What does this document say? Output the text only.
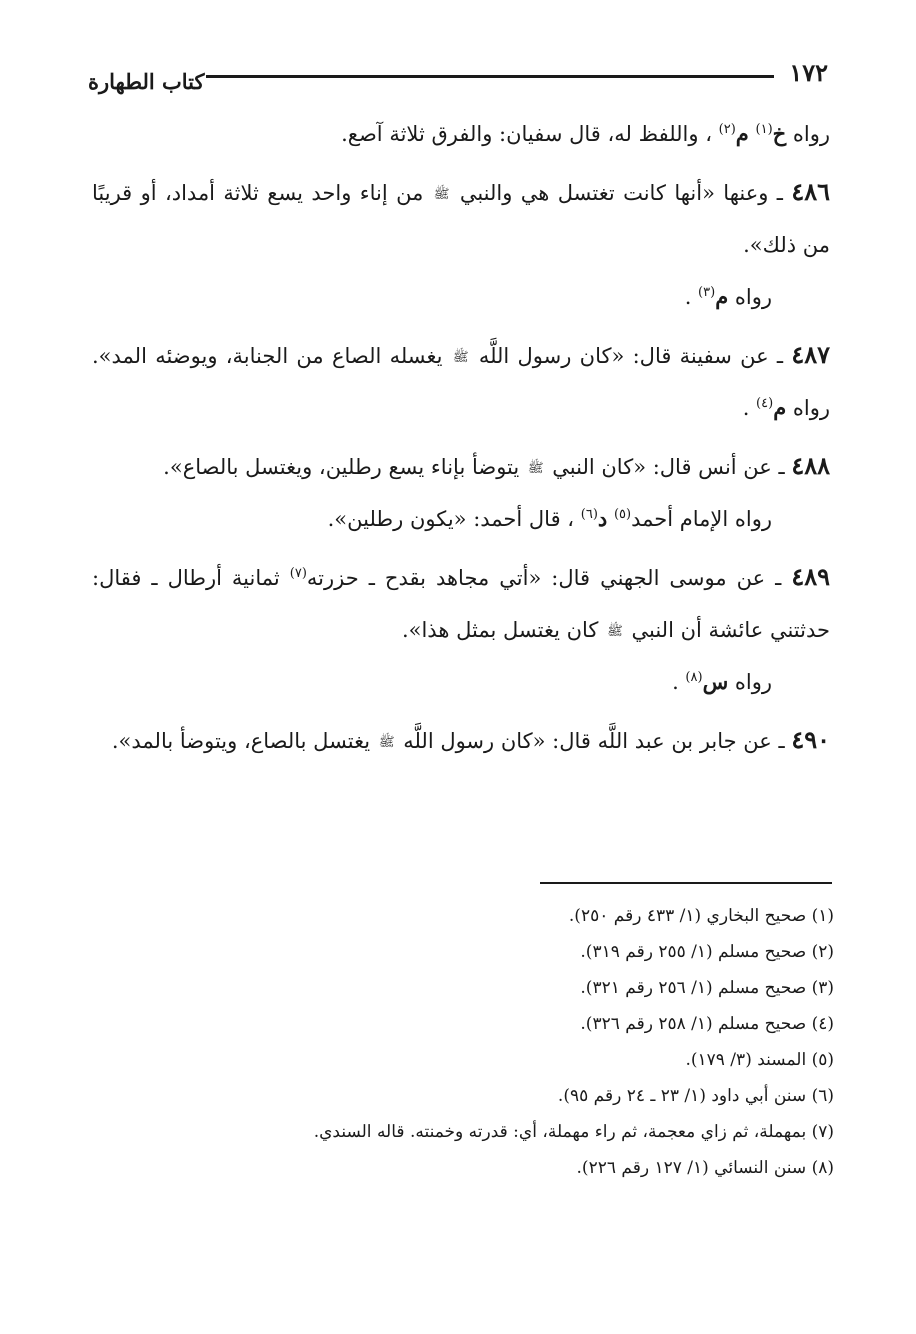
١٧٢
كتاب الطهارة

رواه خ$^{(١)}$ م$^{(٢)}$ ، واللفظ له، قال سفيان: والفرق ثلاثة آصع.

٤٨٦ ـ وعنها «أنها كانت تغتسل هي والنبي ﷺ من إناء واحد يسع ثلاثة أمداد، أو قريبًا من ذلك».

رواه م$^{(٣)}$ .

٤٨٧ ـ عن سفينة قال: «كان رسول اللَّه ﷺ يغسله الصاع من الجنابة، ويوضئه المد». رواه م$^{(٤)}$ .

٤٨٨ ـ عن أنس قال: «كان النبي ﷺ يتوضأ بإناء يسع رطلين، ويغتسل بالصاع».

رواه الإمام أحمد$^{(٥)}$ د$^{(٦)}$ ، قال أحمد: «يكون رطلين».

٤٨٩ ـ عن موسى الجهني قال: «أتي مجاهد بقدح ـ حزرته$^{(٧)}$ ثمانية أرطال ـ فقال: حدثتني عائشة أن النبي ﷺ كان يغتسل بمثل هذا».

رواه س$^{(٨)}$ .

٤٩٠ ـ عن جابر بن عبد اللَّه قال: «كان رسول اللَّه ﷺ يغتسل بالصاع، ويتوضأ بالمد».

(١) صحيح البخاري (١/ ٤٣٣ رقم ٢٥٠).

(٢) صحيح مسلم (١/ ٢٥٥ رقم ٣١٩).

(٣) صحيح مسلم (١/ ٢٥٦ رقم ٣٢١).

(٤) صحيح مسلم (١/ ٢٥٨ رقم ٣٢٦).

(٥) المسند (٣/ ١٧٩).

(٦) سنن أبي داود (١/ ٢٣ ـ ٢٤ رقم ٩٥).

(٧) بمهملة، ثم زاي معجمة، ثم راء مهملة، أي: قدرته وخمنته. قاله السندي.

(٨) سنن النسائي (١/ ١٢٧ رقم ٢٢٦).
